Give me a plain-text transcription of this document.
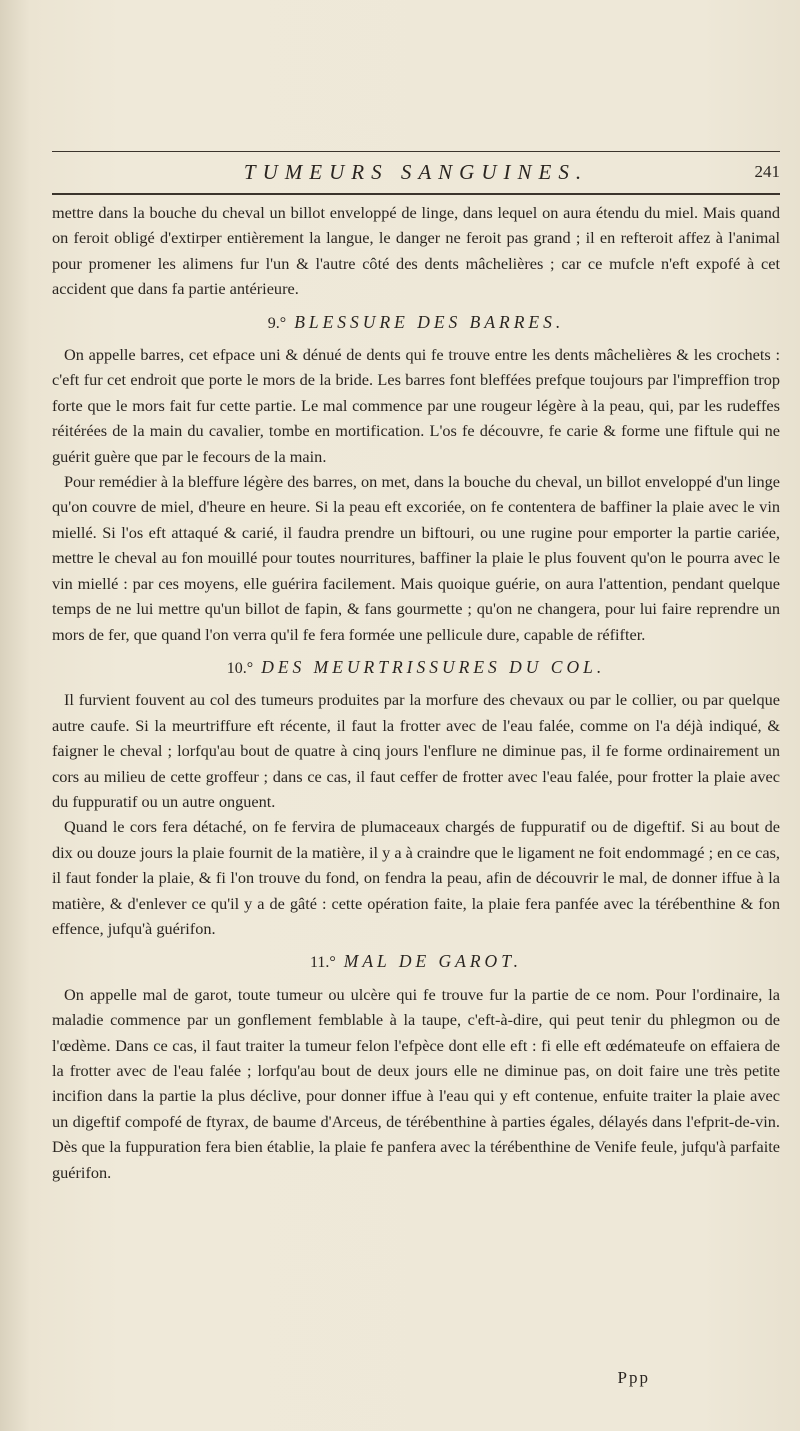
TUMEURS SANGUINES.	241

mettre dans la bouche du cheval un billot enveloppé de linge, dans lequel on aura étendu du miel. Mais quand on feroit obligé d'extirper entièrement la langue, le danger ne feroit pas grand ; il en refteroit affez à l'animal pour promener les alimens fur l'un & l'autre côté des dents mâchelières ; car ce mufcle n'eft expofé à cet accident que dans fa partie antérieure.

9.° BLESSURE DES BARRES.

On appelle barres, cet efpace uni & dénué de dents qui fe trouve entre les dents mâchelières & les crochets : c'eft fur cet endroit que porte le mors de la bride. Les barres font bleffées prefque toujours par l'impreffion trop forte que le mors fait fur cette partie. Le mal commence par une rougeur légère à la peau, qui, par les rudeffes réitérées de la main du cavalier, tombe en mortification. L'os fe découvre, fe carie & forme une fiftule qui ne guérit guère que par le fecours de la main.

Pour remédier à la bleffure légère des barres, on met, dans la bouche du cheval, un billot enveloppé d'un linge qu'on couvre de miel, d'heure en heure. Si la peau eft excoriée, on fe contentera de baffiner la plaie avec le vin miellé. Si l'os eft attaqué & carié, il faudra prendre un biftouri, ou une rugine pour emporter la partie cariée, mettre le cheval au fon mouillé pour toutes nourritures, baffiner la plaie le plus fouvent qu'on le pourra avec le vin miellé : par ces moyens, elle guérira facilement. Mais quoique guérie, on aura l'attention, pendant quelque temps de ne lui mettre qu'un billot de fapin, & fans gourmette ; qu'on ne changera, pour lui faire reprendre un mors de fer, que quand l'on verra qu'il fe fera formée une pellicule dure, capable de réfifter.

10.° DES MEURTRISSURES DU COL.

Il furvient fouvent au col des tumeurs produites par la morfure des chevaux ou par le collier, ou par quelque autre caufe. Si la meurtriffure eft récente, il faut la frotter avec de l'eau falée, comme on l'a déjà indiqué, & faigner le cheval ; lorfqu'au bout de quatre à cinq jours l'enflure ne diminue pas, il fe forme ordinairement un cors au milieu de cette groffeur ; dans ce cas, il faut ceffer de frotter avec l'eau falée, pour frotter la plaie avec du fuppuratif ou un autre onguent.

Quand le cors fera détaché, on fe fervira de plumaceaux chargés de fuppuratif ou de digeftif. Si au bout de dix ou douze jours la plaie fournit de la matière, il y a à craindre que le ligament ne foit endommagé ; en ce cas, il faut fonder la plaie, & fi l'on trouve du fond, on fendra la peau, afin de découvrir le mal, de donner iffue à la matière, & d'enlever ce qu'il y a de gâté : cette opération faite, la plaie fera panfée avec la térébenthine & fon effence, jufqu'à guérifon.

11.° MAL DE GAROT.

On appelle mal de garot, toute tumeur ou ulcère qui fe trouve fur la partie de ce nom. Pour l'ordinaire, la maladie commence par un gonflement femblable à la taupe, c'eft-à-dire, qui peut tenir du phlegmon ou de l'œdème. Dans ce cas, il faut traiter la tumeur felon l'efpèce dont elle eft : fi elle eft œdémateufe on effaiera de la frotter avec de l'eau falée ; lorfqu'au bout de deux jours elle ne diminue pas, on doit faire une très petite incifion dans la partie la plus déclive, pour donner iffue à l'eau qui y eft contenue, enfuite traiter la plaie avec un digeftif compofé de ftyrax, de baume d'Arceus, de térébenthine à parties égales, délayés dans l'efprit-de-vin. Dès que la fuppuration fera bien établie, la plaie fe panfera avec la térébenthine de Venife feule, jufqu'à parfaite guérifon.

Ppp
